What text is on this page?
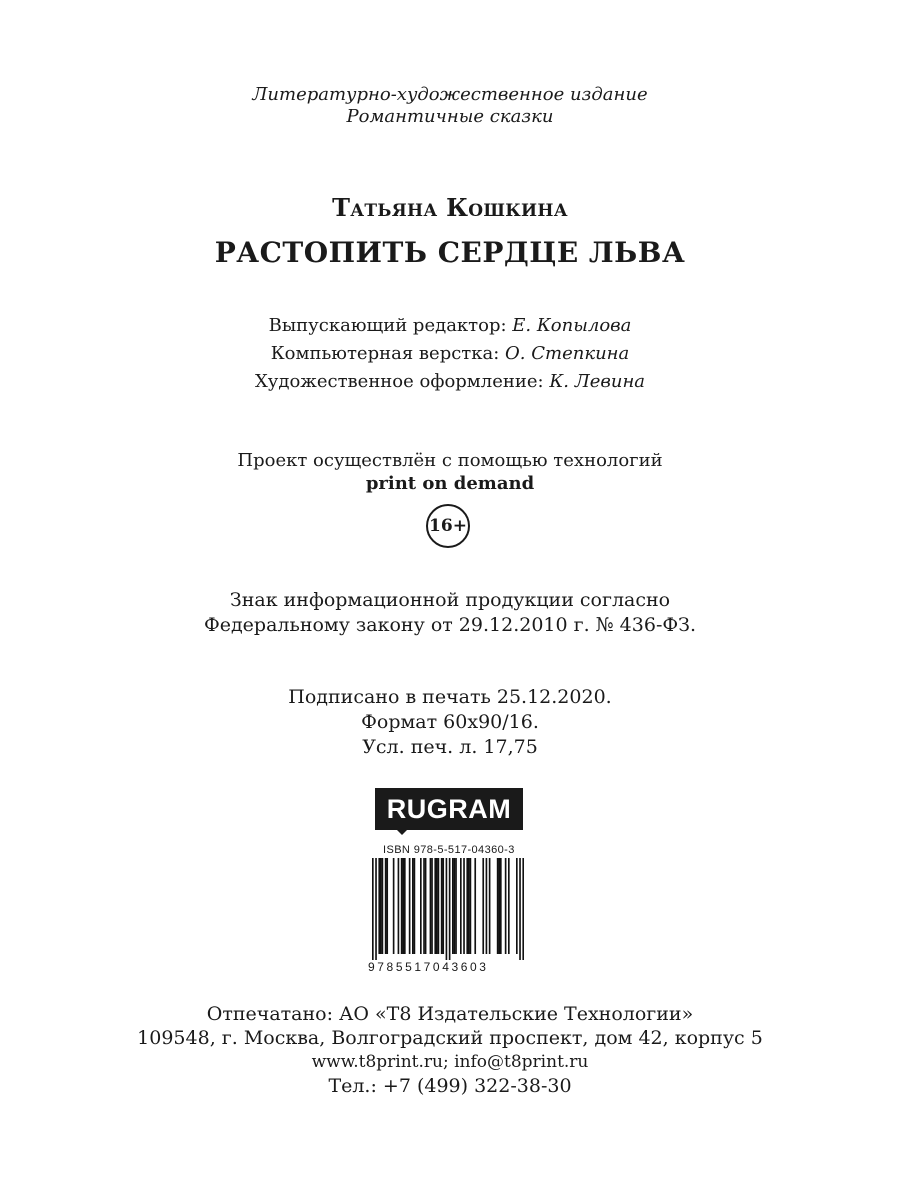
Литературно-художественное издание
Романтичные сказки
Татьяна Кошкина
РАСТОПИТЬ СЕРДЦЕ ЛЬВА
Выпускающий редактор: Е. Копылова
Компьютерная верстка: О. Степкина
Художественное оформление: К. Левина
Проект осуществлён с помощью технологий
print on demand
16+
Знак информационной продукции согласно
Федеральному закону от 29.12.2010 г. № 436-ФЗ.
Подписано в печать 25.12.2020.
Формат 60х90/16.
Усл. печ. л. 17,75
RUGRAM
ISBN 978-5-517-04360-3
9785517043603
Отпечатано: АО «Т8 Издательские Технологии»
109548, г. Москва, Волгоградский проспект, дом 42, корпус 5
www.t8print.ru; info@t8print.ru
Тел.: +7 (499) 322-38-30
